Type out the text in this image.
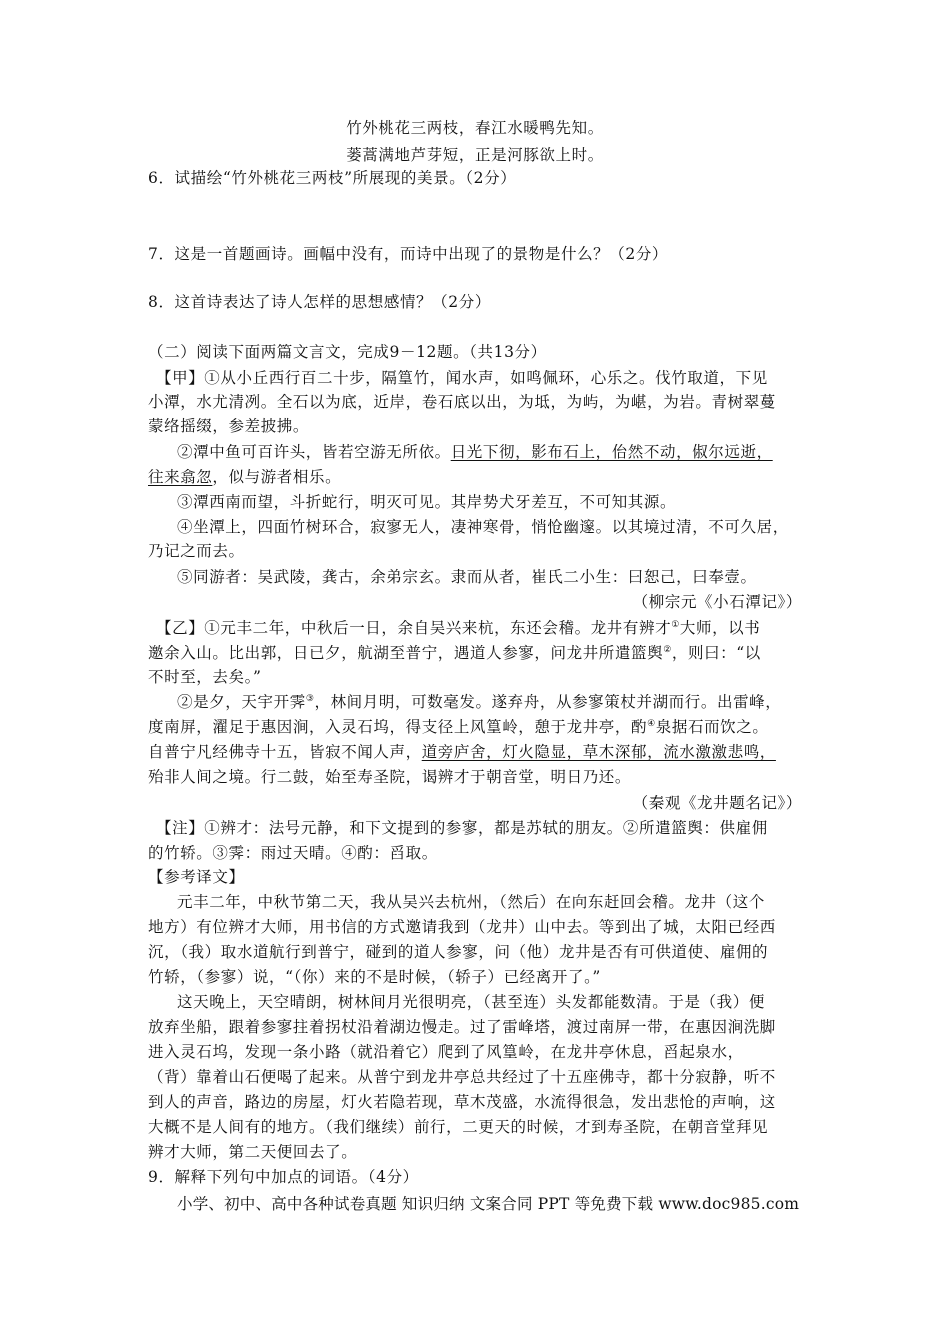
竹外桃花三两枝，春江水暖鸭先知。
蒌蒿满地芦芽短，正是河豚欲上时。
6．试描绘“竹外桃花三两枝”所展现的美景。（2分）
7．这是一首题画诗。画幅中没有，而诗中出现了的景物是什么？（2分）
8．这首诗表达了诗人怎样的思想感情？（2分）
（二）阅读下面两篇文言文，完成9－12题。（共13分）
【甲】①从小丘西行百二十步，隔篁竹，闻水声，如鸣佩环，心乐之。伐竹取道，下见
小潭，水尤清冽。全石以为底，近岸，卷石底以出，为坻，为屿，为嵁，为岩。青树翠蔓
蒙络摇缀，参差披拂。
②潭中鱼可百许头，皆若空游无所依。日光下彻，影布石上，佁然不动，俶尔远逝，
往来翕忽，似与游者相乐。
③潭西南而望，斗折蛇行，明灭可见。其岸势犬牙差互，不可知其源。
④坐潭上，四面竹树环合，寂寥无人，凄神寒骨，悄怆幽邃。以其境过清，不可久居，
乃记之而去。
⑤同游者：吴武陵，龚古，余弟宗玄。隶而从者，崔氏二小生：曰恕己，曰奉壹。
（柳宗元《小石潭记》）
【乙】①元丰二年，中秋后一日，余自吴兴来杭，东还会稽。龙井有辨才①大师，以书
邀余入山。比出郭，日已夕，航湖至普宁，遇道人参寥，问龙井所遣篮舆②，则曰：“以
不时至，去矣。”
②是夕，天宇开霁③，林间月明，可数毫发。遂弃舟，从参寥策杖并湖而行。出雷峰，
度南屏，濯足于惠因涧，入灵石坞，得支径上风篁岭，憩于龙井亭，酌④泉据石而饮之。
自普宁凡经佛寺十五，皆寂不闻人声，道旁庐舍，灯火隐显，草木深郁，流水激激悲鸣，
殆非人间之境。行二鼓，始至寿圣院，谒辨才于朝音堂，明日乃还。
（秦观《龙井题名记》）
【注】①辨才：法号元静，和下文提到的参寥，都是苏轼的朋友。②所遣篮舆：供雇佣
的竹轿。③霁：雨过天晴。④酌：舀取。
【参考译文】
元丰二年，中秋节第二天，我从吴兴去杭州，（然后）在向东赶回会稽。龙井（这个
地方）有位辨才大师，用书信的方式邀请我到（龙井）山中去。等到出了城，太阳已经西
沉，（我）取水道航行到普宁，碰到的道人参寥，问（他）龙井是否有可供道使、雇佣的
竹轿，（参寥）说，“（你）来的不是时候，（轿子）已经离开了。”
这天晚上，天空晴朗，树林间月光很明亮，（甚至连）头发都能数清。于是（我）便
放弃坐船，跟着参寥拄着拐杖沿着湖边慢走。过了雷峰塔，渡过南屏一带，在惠因涧洗脚
进入灵石坞，发现一条小路（就沿着它）爬到了风篁岭，在龙井亭休息，舀起泉水，
（背）靠着山石便喝了起来。从普宁到龙井亭总共经过了十五座佛寺，都十分寂静，听不
到人的声音，路边的房屋，灯火若隐若现，草木茂盛，水流得很急，发出悲怆的声响，这
大概不是人间有的地方。（我们继续）前行，二更天的时候，才到寿圣院，在朝音堂拜见
辨才大师，第二天便回去了。
9．解释下列句中加点的词语。（4分）
小学、初中、高中各种试卷真题 知识归纳 文案合同 PPT 等免费下载 www.doc985.com
